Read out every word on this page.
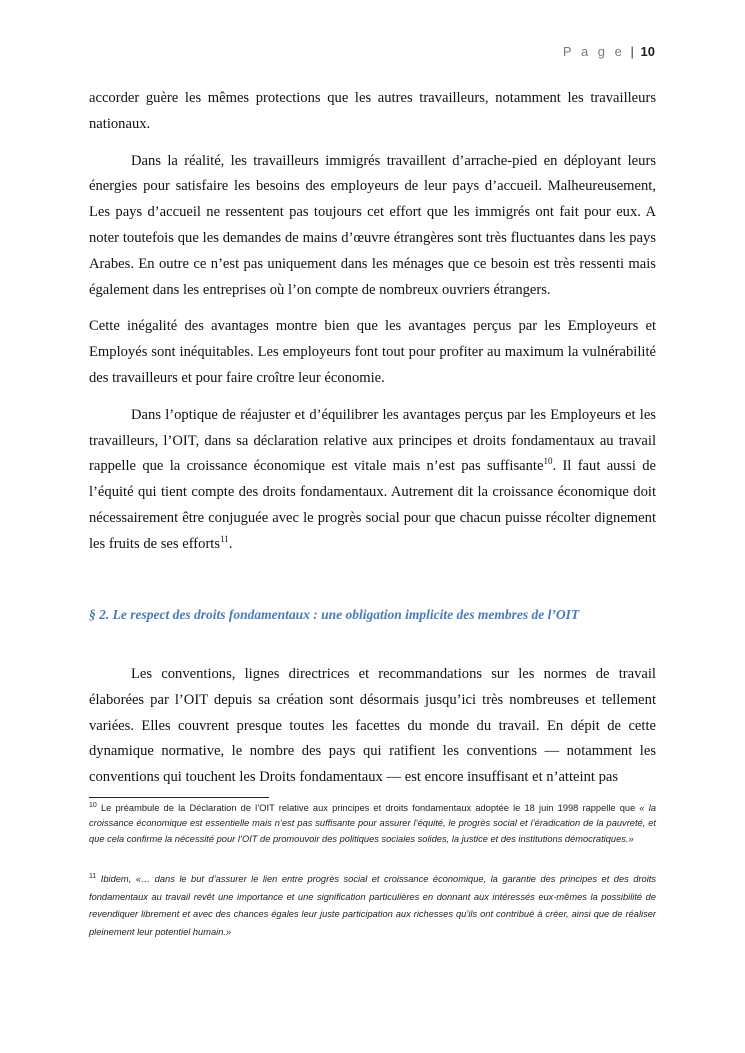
P a g e | 10

accorder guère les mêmes protections que les autres travailleurs, notamment les travailleurs nationaux.

Dans la réalité, les travailleurs immigrés travaillent d’arrache-pied en déployant leurs énergies pour satisfaire les besoins des employeurs de leur pays d’accueil. Malheureusement, Les pays d’accueil ne ressentent pas toujours cet effort que les immigrés ont fait pour eux. A noter toutefois que les demandes de mains d’œuvre étrangères sont très fluctuantes dans les pays Arabes. En outre ce n’est pas uniquement dans les ménages que ce besoin est très ressenti mais également dans les entreprises où l’on compte de nombreux ouvriers étrangers.

Cette inégalité des avantages montre bien que les avantages perçus par les Employeurs et Employés sont inéquitables. Les employeurs font tout pour profiter au maximum la vulnérabilité des travailleurs et pour faire croître leur économie.

Dans l’optique de réajuster et d’équilibrer les avantages perçus par les Employeurs et les travailleurs, l’OIT, dans sa déclaration relative aux principes et droits fondamentaux au travail rappelle que la croissance économique est vitale mais n’est pas suffisante$^{10}$. Il faut aussi de l’équité qui tient compte des droits fondamentaux. Autrement dit la croissance économique doit nécessairement être conjuguée avec le progrès social pour que chacun puisse récolter dignement les fruits de ses efforts$^{11}$.

§ 2. Le respect des droits fondamentaux : une obligation implicite des membres de l’OIT

Les conventions, lignes directrices et recommandations sur les normes de travail élaborées par l’OIT depuis sa création sont désormais jusqu’ici très nombreuses et tellement variées. Elles couvrent presque toutes les facettes du monde du travail. En dépit de cette dynamique normative, le nombre des pays qui ratifient les conventions — notamment les conventions qui touchent les Droits fondamentaux — est encore insuffisant et n’atteint pas

$^{10}$ Le préambule de la Déclaration de l’OIT relative aux principes et droits fondamentaux adoptée le 18 juin 1998 rappelle que « la croissance économique est essentielle mais n’est pas suffisante pour assurer l’équité, le progrès social et l’éradication de la pauvreté, et que cela confirme la nécessité pour l’OIT de promouvoir des politiques sociales solides, la justice et des institutions démocratiques.»

$^{11}$ Ibidem, «… dans le but d’assurer le lien entre progrès social et croissance économique, la garantie des principes et des droits fondamentaux au travail revêt une importance et une signification particulières en donnant aux intéressés eux-mêmes la possibilité de revendiquer librement et avec des chances égales leur juste participation aux richesses qu’ils ont contribué à créer, ainsi que de réaliser pleinement leur potentiel humain.»
